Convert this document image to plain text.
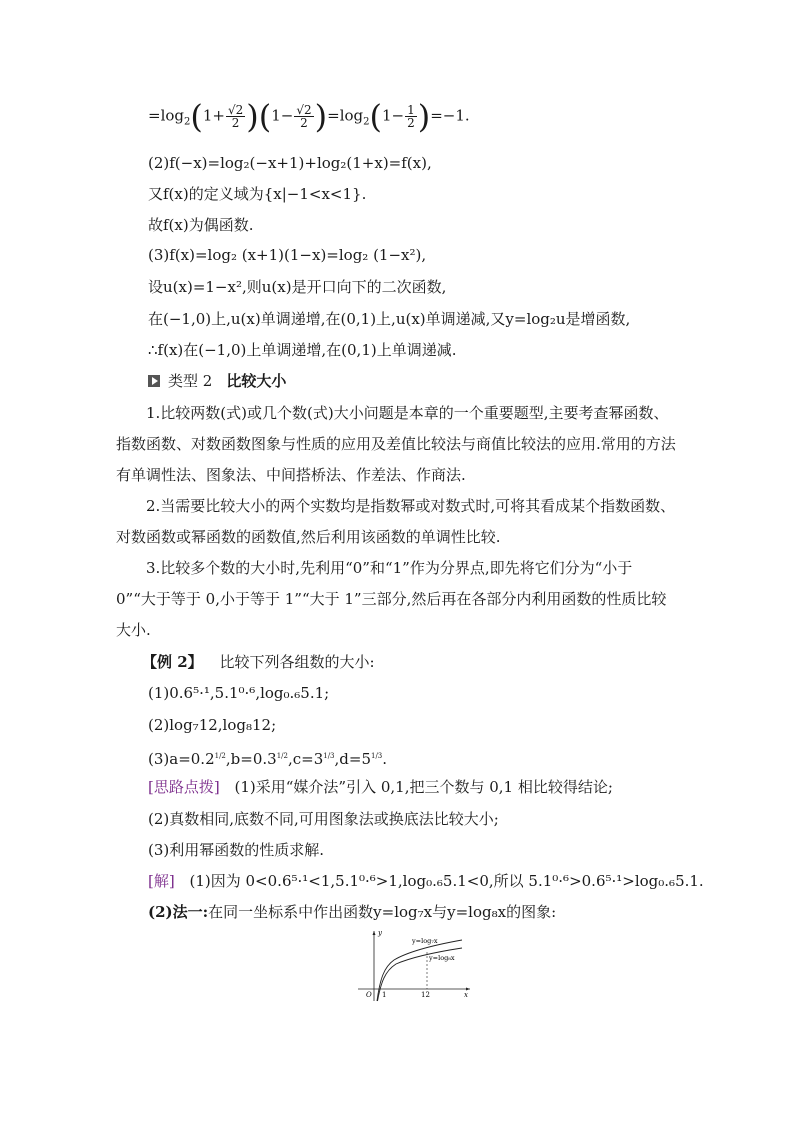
$=\log_2(1+ \frac{√2}{2} )(1- \frac{√2}{2} )=\log_2(1- \frac{1}{2} )=-1$.
(2)f(−x)=log₂(−x+1)+log₂(1+x)=f(x),
又f(x)的定义域为{x|−1<x<1}.
故f(x)为偶函数.
(3)f(x)=log₂ (x+1)(1−x)=log₂ (1−x²),
设u(x)=1−x²,则u(x)是开口向下的二次函数,
在(−1,0)上,u(x)单调递增,在(0,1)上,u(x)单调递减,又y=log₂u是增函数,
∴f(x)在(−1,0)上单调递增,在(0,1)上单调递减.
类型 2 比较大小
1.比较两数(式)或几个数(式)大小问题是本章的一个重要题型,主要考查幂函数、指数函数、对数函数图象与性质的应用及差值比较法与商值比较法的应用.常用的方法有单调性法、图象法、中间搭桥法、作差法、作商法.
2.当需要比较大小的两个实数均是指数幂或对数式时,可将其看成某个指数函数、对数函数或幂函数的函数值,然后利用该函数的单调性比较.
3.比较多个数的大小时,先利用“0”和“1”作为分界点,即先将它们分为“小于 0”“大于等于 0,小于等于 1”“大于 1”三部分,然后再在各部分内利用函数的性质比较大小.
【例 2】 比较下列各组数的大小:
(1)0.6⁵·¹,5.1⁰·⁶,log₀.₆5.1;
(2)log₇12,log₈12;
$(3)a=0.2^{1/2},b=0.3^{1/2},c=3^{1/3},d=5^{1/3}$.
[思路点拨] (1)采用“媒介法”引入 0,1,把三个数与 0,1 相比较得结论;
(2)真数相同,底数不同,可用图象法或换底法比较大小;
(3)利用幂函数的性质求解.
[解] (1)因为 0<0.6⁵·¹<1,5.1⁰·⁶>1,log₀.₆5.1<0,所以 5.1⁰·⁶>0.6⁵·¹>log₀.₆5.1.
(2)法一:在同一坐标系中作出函数y=log₇x与y=log₈x的图象:
y
x
O 1	12
y=log₇x
y=log₈x
